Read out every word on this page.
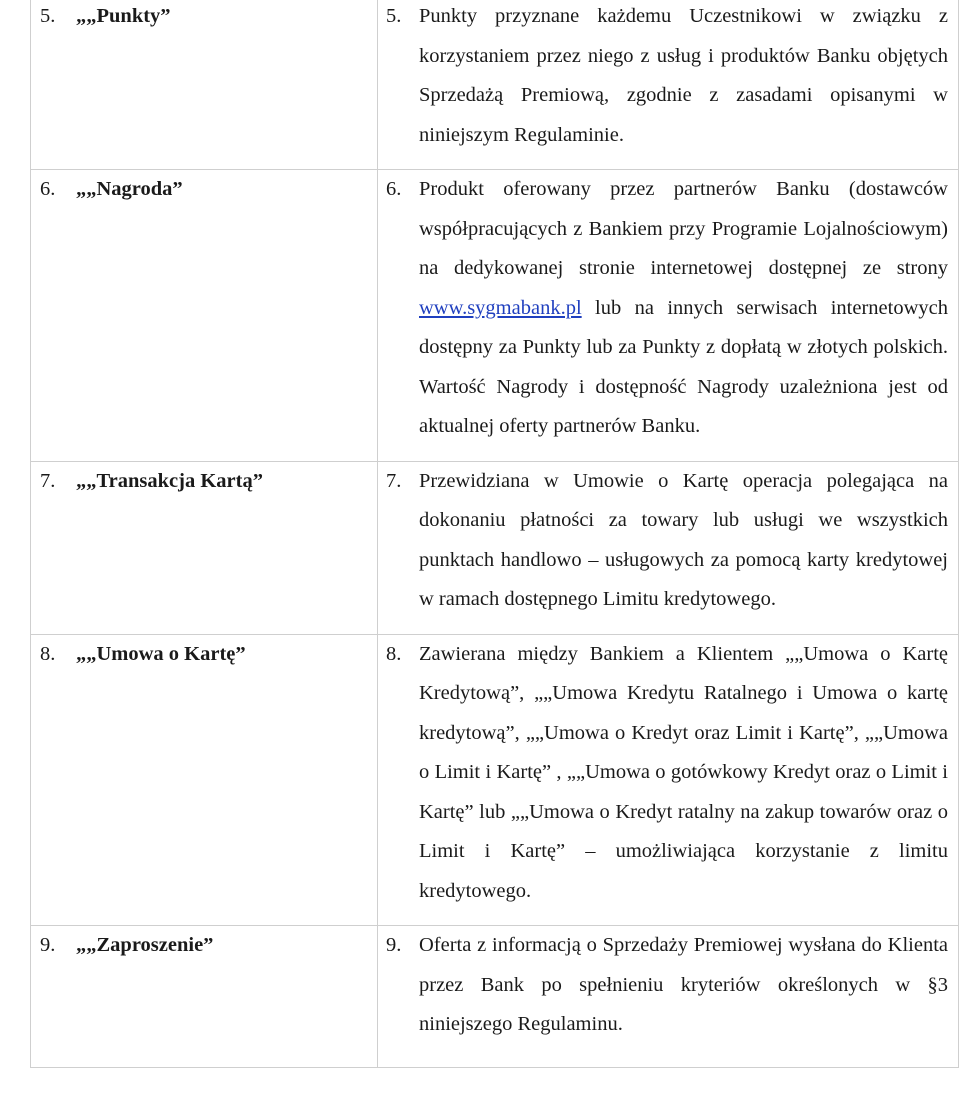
5. „„Punkty”	5. Punkty przyznane każdemu Uczestnikowi w związku z korzystaniem przez niego z usług i produktów Banku objętych Sprzedażą Premiową, zgodnie z zasadami opisanymi w niniejszym Regulaminie.

6. „„Nagroda”	6. Produkt oferowany przez partnerów Banku (dostawców współpracujących z Bankiem przy Programie Lojalnościowym) na dedykowanej stronie internetowej dostępnej ze strony www.sygmabank.pl lub na innych serwisach internetowych dostępny za Punkty lub za Punkty z dopłatą w złotych polskich. Wartość Nagrody i dostępność Nagrody uzależniona jest od aktualnej oferty partnerów Banku.

7. „„Transakcja Kartą”	7. Przewidziana w Umowie o Kartę operacja polegająca na dokonaniu płatności za towary lub usługi we wszystkich punktach handlowo – usługowych za pomocą karty kredytowej w ramach dostępnego Limitu kredytowego.

8. „„Umowa o Kartę”	8. Zawierana między Bankiem a Klientem „„Umowa o Kartę Kredytową”, „„Umowa Kredytu Ratalnego i Umowa o kartę kredytową”, „„Umowa o Kredyt oraz Limit i Kartę”, „„Umowa o Limit i Kartę” , „„Umowa o gotówkowy Kredyt oraz o Limit i Kartę” lub „„Umowa o Kredyt ratalny na zakup towarów oraz o Limit i Kartę” – umożliwiająca korzystanie z limitu kredytowego.

9. „„Zaproszenie”	9. Oferta z informacją o Sprzedaży Premiowej wysłana do Klienta przez Bank po spełnieniu kryteriów określonych w §3 niniejszego Regulaminu.
